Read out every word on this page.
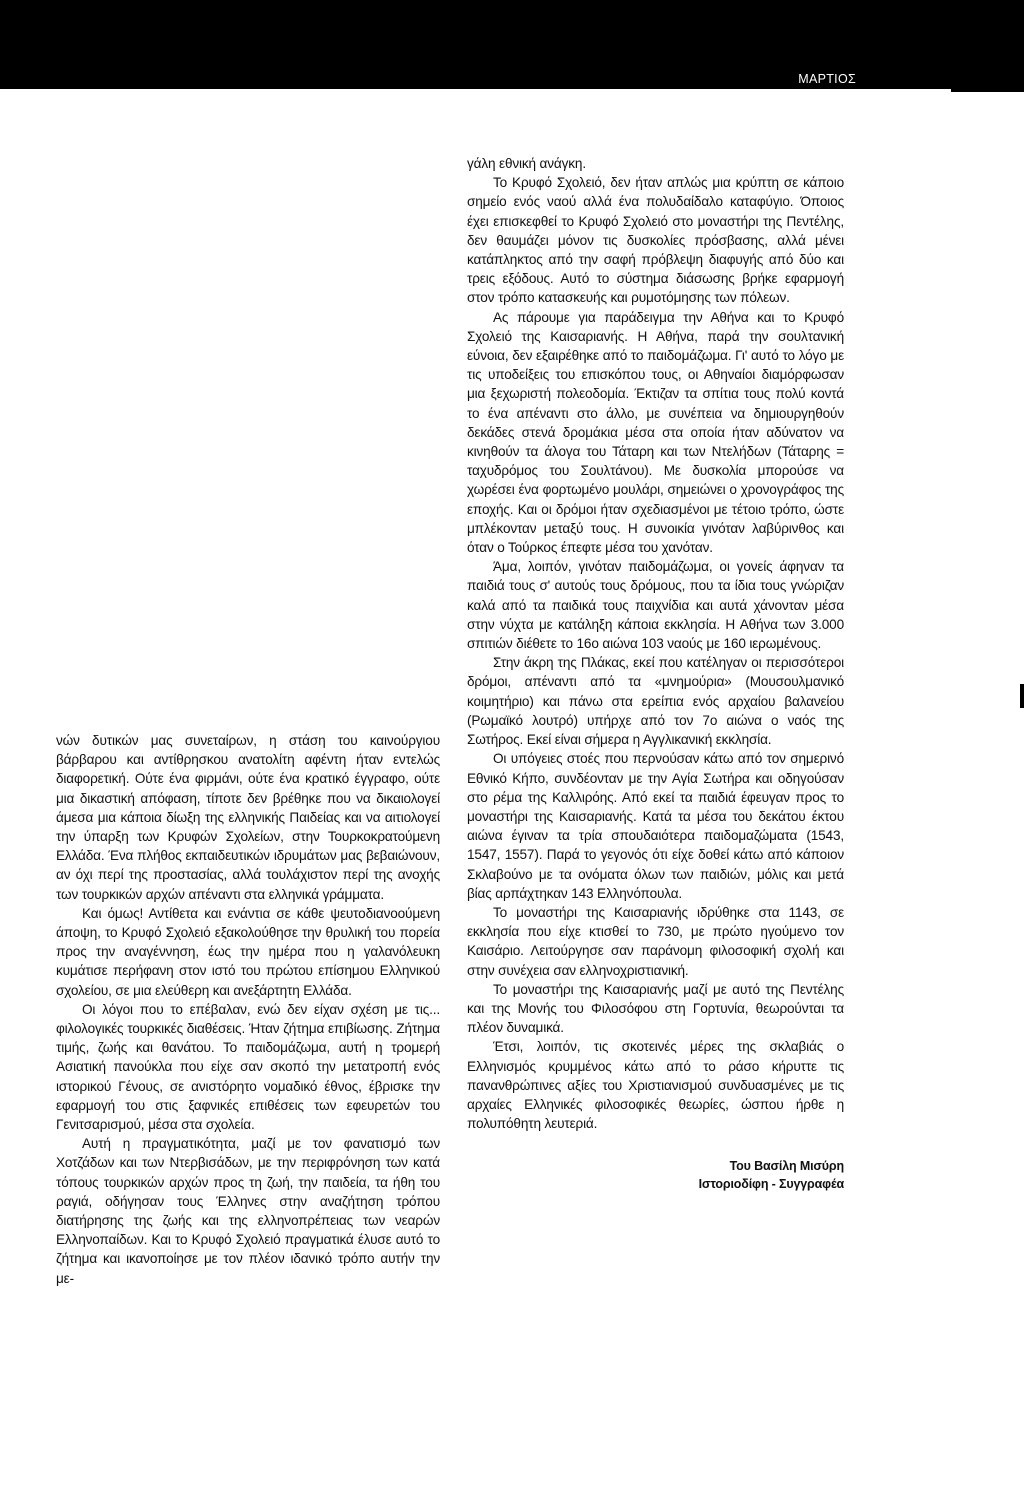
ΜΑΡΤΙΟΣ

νών δυτικών μας συνεταίρων, η στάση του καινούργιου βάρβαρου και αντίθρησκου ανατολίτη αφέντη ήταν εντελώς διαφορετική. Ούτε ένα φιρμάνι, ούτε ένα κρατικό έγγραφο, ούτε μια δικαστική απόφαση, τίποτε δεν βρέθηκε που να δικαιολογεί άμεσα μια κάποια δίωξη της ελληνικής Παιδείας και να αιτιολογεί την ύπαρξη των Κρυφών Σχολείων, στην Τουρκοκρατούμενη Ελλάδα. Ένα πλήθος εκπαιδευτικών ιδρυμάτων μας βεβαιώνουν, αν όχι περί της προστασίας, αλλά τουλάχιστον περί της ανοχής των τουρκικών αρχών απέναντι στα ελληνικά γράμματα.

Και όμως! Αντίθετα και ενάντια σε κάθε ψευτοδιανοούμενη άποψη, το Κρυφό Σχολειό εξακολούθησε την θρυλική του πορεία προς την αναγέννηση, έως την ημέρα που η γαλανόλευκη κυμάτισε περήφανη στον ιστό του πρώτου επίσημου Ελληνικού σχολείου, σε μια ελεύθερη και ανεξάρτητη Ελλάδα.

Οι λόγοι που το επέβαλαν, ενώ δεν είχαν σχέση με τις... φιλολογικές τουρκικές διαθέσεις. Ήταν ζήτημα επιβίωσης. Ζήτημα τιμής, ζωής και θανάτου. Το παιδομάζωμα, αυτή η τρομερή Ασιατική πανούκλα που είχε σαν σκοπό την μετατροπή ενός ιστορικού Γένους, σε ανιστόρητο νομαδικό έθνος, έβρισκε την εφαρμογή του στις ξαφνικές επιθέσεις των εφευρετών του Γενιτσαρισμού, μέσα στα σχολεία.

Αυτή η πραγματικότητα, μαζί με τον φανατισμό των Χοτζάδων και των Ντερβισάδων, με την περιφρόνηση των κατά τόπους τουρκικών αρχών προς τη ζωή, την παιδεία, τα ήθη του ραγιά, οδήγησαν τους Έλληνες στην αναζήτηση τρόπου διατήρησης της ζωής και της ελληνοπρέπειας των νεαρών Ελληνοπαίδων. Και το Κρυφό Σχολειό πραγματικά έλυσε αυτό το ζήτημα και ικανοποίησε με τον πλέον ιδανικό τρόπο αυτήν την με-

γάλη εθνική ανάγκη.

Το Κρυφό Σχολειό, δεν ήταν απλώς μια κρύπτη σε κάποιο σημείο ενός ναού αλλά ένα πολυδαίδαλο καταφύγιο. Όποιος έχει επισκεφθεί το Κρυφό Σχολειό στο μοναστήρι της Πεντέλης, δεν θαυμάζει μόνον τις δυσκολίες πρόσβασης, αλλά μένει κατάπληκτος από την σαφή πρόβλεψη διαφυγής από δύο και τρεις εξόδους. Αυτό το σύστημα διάσωσης βρήκε εφαρμογή στον τρόπο κατασκευής και ρυμοτόμησης των πόλεων.

Ας πάρουμε για παράδειγμα την Αθήνα και το Κρυφό Σχολειό της Καισαριανής. Η Αθήνα, παρά την σουλτανική εύνοια, δεν εξαιρέθηκε από το παιδομάζωμα. Γι' αυτό το λόγο με τις υποδείξεις του επισκόπου τους, οι Αθηναίοι διαμόρφωσαν μια ξεχωριστή πολεοδομία. Έκτιζαν τα σπίτια τους πολύ κοντά το ένα απέναντι στο άλλο, με συνέπεια να δημιουργηθούν δεκάδες στενά δρομάκια μέσα στα οποία ήταν αδύνατον να κινηθούν τα άλογα του Τάταρη και των Ντελήδων (Τάταρης = ταχυδρόμος του Σουλτάνου). Με δυσκολία μπορούσε να χωρέσει ένα φορτωμένο μουλάρι, σημειώνει ο χρονογράφος της εποχής. Και οι δρόμοι ήταν σχεδιασμένοι με τέτοιο τρόπο, ώστε μπλέκονταν μεταξύ τους. Η συνοικία γινόταν λαβύρινθος και όταν ο Τούρκος έπεφτε μέσα του χανόταν.

Άμα, λοιπόν, γινόταν παιδομάζωμα, οι γονείς άφηναν τα παιδιά τους σ' αυτούς τους δρόμους, που τα ίδια τους γνώριζαν καλά από τα παιδικά τους παιχνίδια και αυτά χάνονταν μέσα στην νύχτα με κατάληξη κάποια εκκλησία. Η Αθήνα των 3.000 σπιτιών διέθετε το 16ο αιώνα 103 ναούς με 160 ιερωμένους.

Στην άκρη της Πλάκας, εκεί που κατέληγαν οι περισσότεροι δρόμοι, απέναντι από τα «μνημούρια» (Μουσουλμανικό κοιμητήριο) και πάνω στα ερείπια ενός αρχαίου βαλανείου (Ρωμαϊκό λουτρό) υπήρχε από τον 7ο αιώνα ο ναός της Σωτήρος. Εκεί είναι σήμερα η Αγγλικανική εκκλησία.

Οι υπόγειες στοές που περνούσαν κάτω από τον σημερινό Εθνικό Κήπο, συνδέονταν με την Αγία Σωτήρα και οδηγούσαν στο ρέμα της Καλλιρόης. Από εκεί τα παιδιά έφευγαν προς το μοναστήρι της Καισαριανής. Κατά τα μέσα του δεκάτου έκτου αιώνα έγιναν τα τρία σπουδαιότερα παιδομαζώματα (1543, 1547, 1557). Παρά το γεγονός ότι είχε δοθεί κάτω από κάποιον Σκλαβούνο με τα ονόματα όλων των παιδιών, μόλις και μετά βίας αρπάχτηκαν 143 Ελληνόπουλα.

Το μοναστήρι της Καισαριανής ιδρύθηκε στα 1143, σε εκκλησία που είχε κτισθεί το 730, με πρώτο ηγούμενο τον Καισάριο. Λειτούργησε σαν παράνομη φιλοσοφική σχολή και στην συνέχεια σαν ελληνοχριστιανική.

Το μοναστήρι της Καισαριανής μαζί με αυτό της Πεντέλης και της Μονής του Φιλοσόφου στη Γορτυνία, θεωρούνται τα πλέον δυναμικά.

Έτσι, λοιπόν, τις σκοτεινές μέρες της σκλαβιάς ο Ελληνισμός κρυμμένος κάτω από το ράσο κήρυττε τις πανανθρώπινες αξίες του Χριστιανισμού συνδυασμένες με τις αρχαίες Ελληνικές φιλοσοφικές θεωρίες, ώσπου ήρθε η πολυπόθητη λευτεριά.

Του Βασίλη Μισύρη
Ιστοριοδίφη - Συγγραφέα
